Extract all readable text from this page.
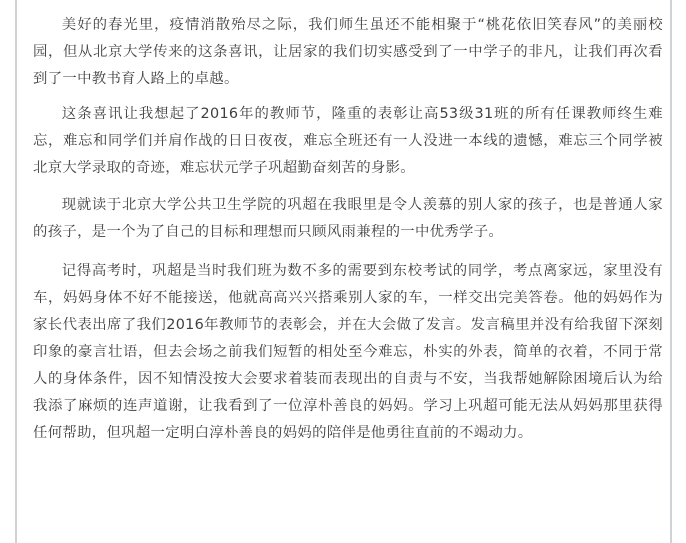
美好的春光里，疫情消散殆尽之际，我们师生虽还不能相聚于“桃花依旧笑春风”的美丽校园，但从北京大学传来的这条喜讯，让居家的我们切实感受到了一中学子的非凡，让我们再次看到了一中教书育人路上的卓越。

这条喜讯让我想起了2016年的教师节，隆重的表彰让高53级31班的所有任课教师终生难忘，难忘和同学们并肩作战的日日夜夜，难忘全班还有一人没进一本线的遗憾，难忘三个同学被北京大学录取的奇迹，难忘状元学子巩超勤奋刻苦的身影。

现就读于北京大学公共卫生学院的巩超在我眼里是令人羡慕的别人家的孩子，也是普通人家的孩子，是一个为了自己的目标和理想而只顾风雨兼程的一中优秀学子。

记得高考时，巩超是当时我们班为数不多的需要到东校考试的同学，考点离家远，家里没有车，妈妈身体不好不能接送，他就高高兴兴搭乘别人家的车，一样交出完美答卷。他的妈妈作为家长代表出席了我们2016年教师节的表彰会，并在大会做了发言。发言稿里并没有给我留下深刻印象的豪言壮语，但去会场之前我们短暂的相处至今难忘，朴实的外表，简单的衣着，不同于常人的身体条件，因不知情没按大会要求着装而表现出的自责与不安，当我帮她解除困境后认为给我添了麻烦的连声道谢，让我看到了一位淳朴善良的妈妈。学习上巩超可能无法从妈妈那里获得任何帮助，但巩超一定明白淳朴善良的妈妈的陪伴是他勇往直前的不竭动力。
